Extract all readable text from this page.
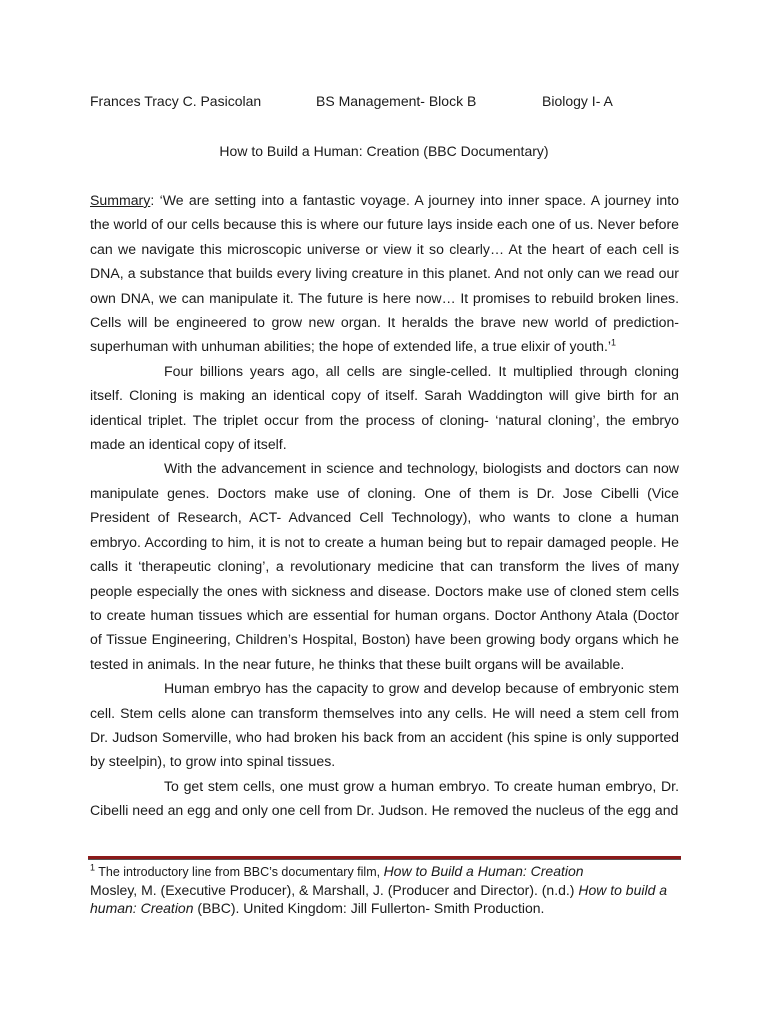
Frances Tracy C. Pasicolan	BS Management- Block B	Biology I- A
How to Build a Human: Creation (BBC Documentary)

Summary: ‘We are setting into a fantastic voyage. A journey into inner space. A journey into the world of our cells because this is where our future lays inside each one of us. Never before can we navigate this microscopic universe or view it so clearly… At the heart of each cell is DNA, a substance that builds every living creature in this planet. And not only can we read our own DNA, we can manipulate it. The future is here now… It promises to rebuild broken lines. Cells will be engineered to grow new organ. It heralds the brave new world of prediction- superhuman with unhuman abilities; the hope of extended life, a true elixir of youth.’$^1$

Four billions years ago, all cells are single-celled. It multiplied through cloning itself. Cloning is making an identical copy of itself. Sarah Waddington will give birth for an identical triplet. The triplet occur from the process of cloning- ‘natural cloning’, the embryo made an identical copy of itself.

With the advancement in science and technology, biologists and doctors can now manipulate genes. Doctors make use of cloning. One of them is Dr. Jose Cibelli (Vice President of Research, ACT- Advanced Cell Technology), who wants to clone a human embryo. According to him, it is not to create a human being but to repair damaged people. He calls it ‘therapeutic cloning’, a revolutionary medicine that can transform the lives of many people especially the ones with sickness and disease. Doctors make use of cloned stem cells to create human tissues which are essential for human organs. Doctor Anthony Atala (Doctor of Tissue Engineering, Children’s Hospital, Boston) have been growing body organs which he tested in animals. In the near future, he thinks that these built organs will be available.

Human embryo has the capacity to grow and develop because of embryonic stem cell. Stem cells alone can transform themselves into any cells. He will need a stem cell from Dr. Judson Somerville, who had broken his back from an accident (his spine is only supported by steelpin), to grow into spinal tissues.

To get stem cells, one must grow a human embryo. To create human embryo, Dr. Cibelli need an egg and only one cell from Dr. Judson. He removed the nucleus of the egg and

$^1$ The introductory line from BBC’s documentary film, How to Build a Human: Creation
Mosley, M. (Executive Producer), & Marshall, J. (Producer and Director). (n.d.) How to build a human: Creation (BBC). United Kingdom: Jill Fullerton- Smith Production.
